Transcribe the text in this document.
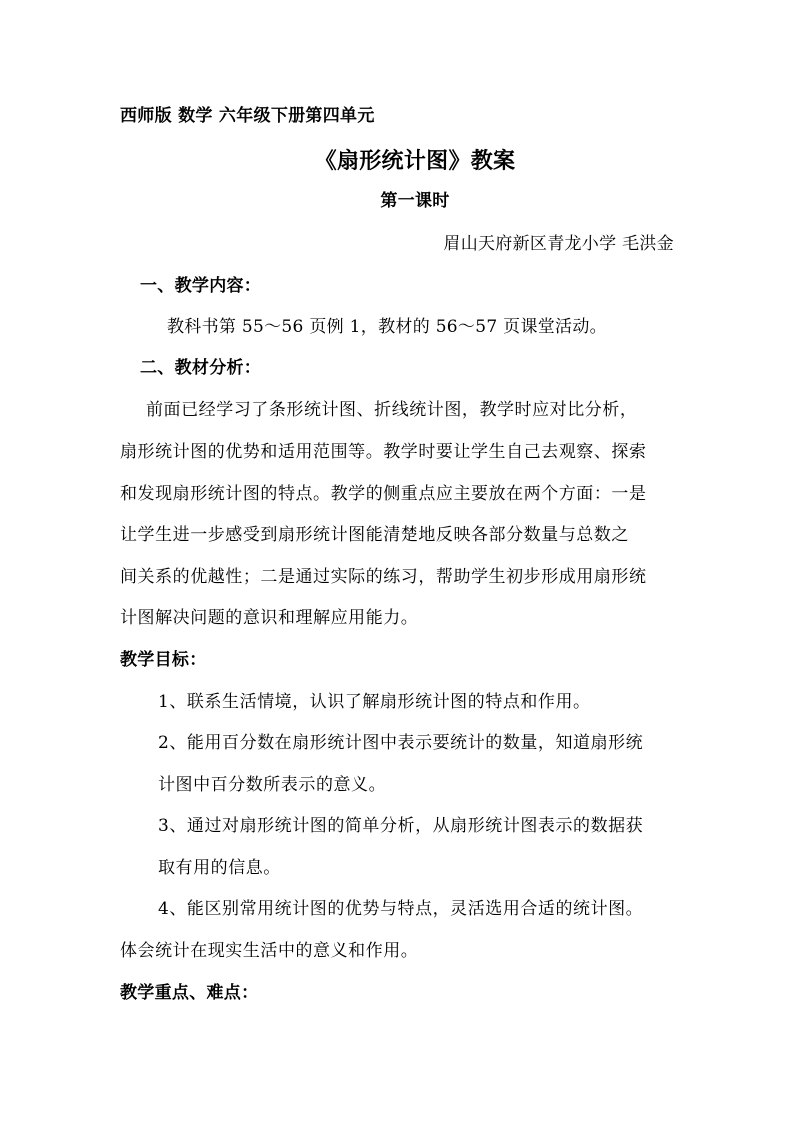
西师版 数学 六年级下册第四单元
《扇形统计图》教案
第一课时
眉山天府新区青龙小学 毛洪金
一、教学内容：
教科书第 55～56 页例 1，教材的 56～57 页课堂活动。
二、教材分析：
前面已经学习了条形统计图、折线统计图，教学时应对比分析，
扇形统计图的优势和适用范围等。教学时要让学生自己去观察、探索
和发现扇形统计图的特点。教学的侧重点应主要放在两个方面：一是
让学生进一步感受到扇形统计图能清楚地反映各部分数量与总数之
间关系的优越性；二是通过实际的练习，帮助学生初步形成用扇形统
计图解决问题的意识和理解应用能力。
教学目标：
1、联系生活情境，认识了解扇形统计图的特点和作用。
2、能用百分数在扇形统计图中表示要统计的数量，知道扇形统
计图中百分数所表示的意义。
3、通过对扇形统计图的简单分析，从扇形统计图表示的数据获
取有用的信息。
4、能区别常用统计图的优势与特点，灵活选用合适的统计图。
体会统计在现实生活中的意义和作用。
教学重点、难点：
